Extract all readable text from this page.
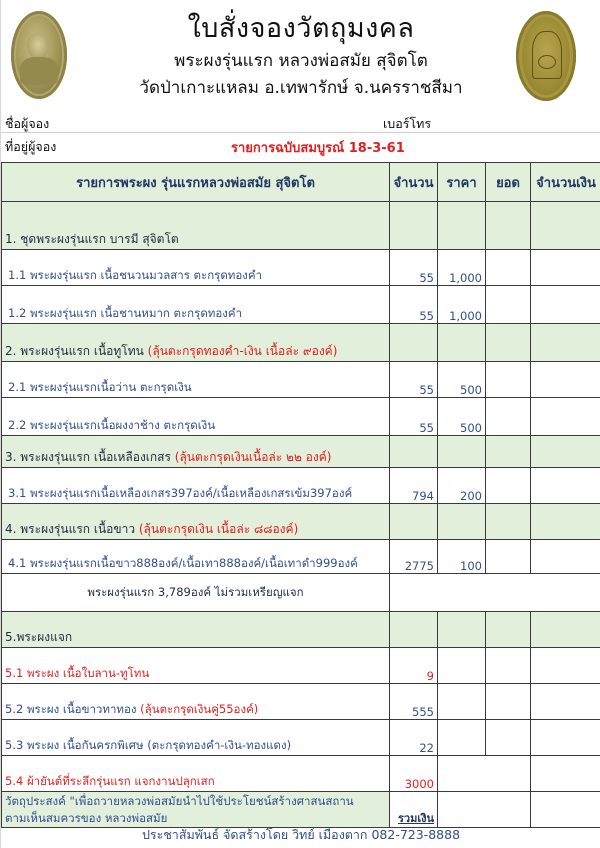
ใบสั่งจองวัตถุมงคล
พระผงรุ่นแรก หลวงพ่อสมัย สุจิตโต
วัดป่าเกาะแหลม อ.เทพารักษ์ จ.นครราชสีมา
ชื่อผู้จอง	เบอร์โทร
ที่อยู่ผู้จอง	รายการฉบับสมบูรณ์ 18-3-61
รายการพระผง รุ่นแรกหลวงพ่อสมัย สุจิตโต	จำนวน	ราคา	ยอด	จำนวนเงิน
1. ชุดพระผงรุ่นแรก บารมี สุจิตโต				
1.1 พระผงรุ่นแรก เนื้อชนวนมวลสาร ตะกรุดทองคำ	55	1,000		
1.2 พระผงรุ่นแรก เนื้อชานหมาก ตะกรุดทองคำ	55	1,000		
2. พระผงรุ่นแรก เนื้อทูโทน (ลุ้นตะกรุดทองคำ-เงิน เนื้อล่ะ ๙องค์)				
2.1 พระผงรุ่นแรกเนื้อว่าน ตะกรุดเงิน	55	500		
2.2 พระผงรุ่นแรกเนื้อผงงาช้าง ตะกรุดเงิน	55	500		
3. พระผงรุ่นแรก เนื้อเหลืองเกสร (ลุ้นตะกรุดเงินเนื้อล่ะ ๒๒ องค์)				
3.1 พระผงรุ่นแรกเนื้อเหลืองเกสร397องค์/เนื้อเหลืองเกสรเข้ม397องค์	794	200		
4. พระผงรุ่นแรก เนื้อขาว (ลุ้นตะกรุดเงิน เนื้อล่ะ ๘๘องค์)				
4.1 พระผงรุ่นแรกเนื้อขาว888องค์/เนื้อเทา888องค์/เนื้อเทาดำ999องค์	2775	100		
พระผงรุ่นแรก 3,789องค์ ไม่รวมเหรียญแจก				
5.พระผงแจก				
5.1 พระผง เนื้อใบลาน-ทูโทน	9			
5.2 พระผง เนื้อขาวทาทอง (ลุ้นตะกรุดเงินคู่55องค์)	555			
5.3 พระผง เนื้อกันครกพิเศษ (ตะกรุดทองคำ-เงิน-ทองแดง)	22			
5.4 ผ้ายันต์ที่ระลึกรุ่นแรก แจกงานปลุกเสก	3000			

วัตถุประสงค์ "เพื่อถวายหลวงพ่อสมัยนำไปใช้ประโยชน์สร้างศาสนสถาน
ตามเห็นสมควรของ หลวงพ่อสมัย	รวมเงิน			
ประชาสัมพันธ์ จัดสร้างโดย วิทย์ เมืองตาก 082-723-8888
